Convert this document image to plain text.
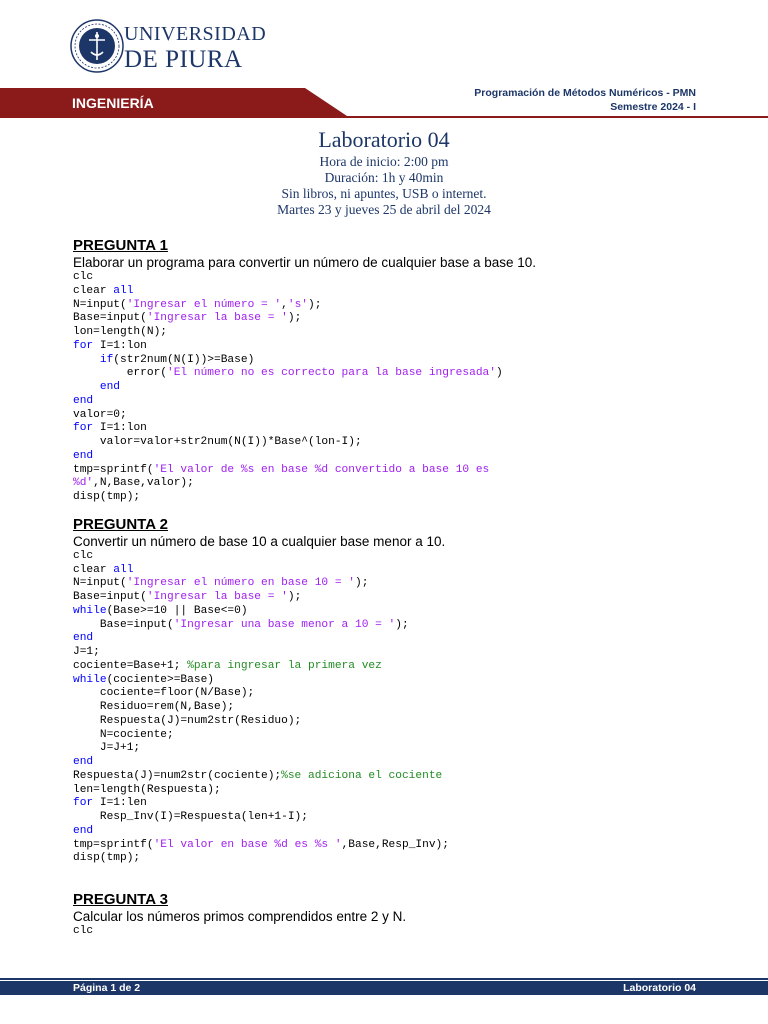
UNIVERSIDAD
DE PIURA
INGENIERÍA
Programación de Métodos Numéricos - PMN
Semestre 2024 - I
Laboratorio 04
Hora de inicio: 2:00 pm
Duración: 1h y 40min
Sin libros, ni apuntes, USB o internet.
Martes 23 y jueves 25 de abril del 2024

PREGUNTA 1

Elaborar un programa para convertir un número de cualquier base a base 10.

clc
clear all
N=input('Ingresar el número = ','s');
Base=input('Ingresar la base = ');
lon=length(N);
for I=1:lon
if(str2num(N(I))>=Base)
error('El número no es correcto para la base ingresada')
end
end
valor=0;
for I=1:lon
valor=valor+str2num(N(I))*Base^(lon-I);
end
tmp=sprintf('El valor de %s en base %d convertido a base 10 es
%d',N,Base,valor);
disp(tmp);

PREGUNTA 2

Convertir un número de base 10 a cualquier base menor a 10.

clc
clear all
N=input('Ingresar el número en base 10 = ');
Base=input('Ingresar la base = ');
while(Base>=10 || Base<=0)
Base=input('Ingresar una base menor a 10 = ');
end
J=1;
cociente=Base+1; %para ingresar la primera vez
while(cociente>=Base)
cociente=floor(N/Base);
Residuo=rem(N,Base);
Respuesta(J)=num2str(Residuo);
N=cociente;
J=J+1;
end
Respuesta(J)=num2str(cociente);%se adiciona el cociente
len=length(Respuesta);
for I=1:len
Resp_Inv(I)=Respuesta(len+1-I);
end
tmp=sprintf('El valor en base %d es %s ',Base,Resp_Inv);
disp(tmp);

PREGUNTA 3

Calcular los números primos comprendidos entre 2 y N.

clc
Página 1 de 2	Laboratorio 04
